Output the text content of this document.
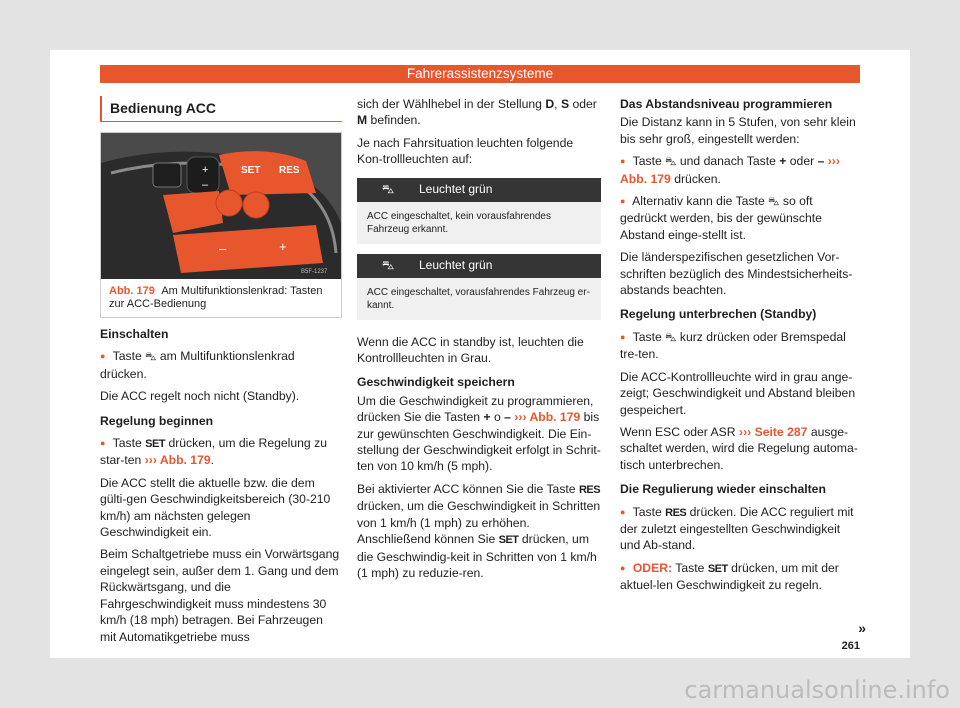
Fahrerassistenzsysteme
Bedienung ACC
+
–
SET RES
–	+
B5F-1237
Abb. 179 Am Multifunktionslenkrad: Tasten zur ACC-Bedienung
Einschalten

● Taste ⛍ am Multifunktionslenkrad drücken.

Die ACC regelt noch nicht (Standby).

Regelung beginnen

● Taste SET drücken, um die Regelung zu star-ten ››› Abb. 179.

Die ACC stellt die aktuelle bzw. die dem gülti-gen Geschwindigkeitsbereich (30-210 km/h) am nächsten gelegen Geschwindigkeit ein.

Beim Schaltgetriebe muss ein Vorwärtsgang eingelegt sein, außer dem 1. Gang und dem Rückwärtsgang, und die Fahrgeschwindigkeit muss mindestens 30 km/h (18 mph) betragen. Bei Fahrzeugen mit Automatikgetriebe muss

sich der Wählhebel in der Stellung D, S oder M befinden.

Je nach Fahrsituation leuchten folgende Kon-trollleuchten auf:

⛍	Leuchtet grün
ACC eingeschaltet, kein vorausfahrendes Fahrzeug erkannt.
⛍	Leuchtet grün
ACC eingeschaltet, vorausfahrendes Fahrzeug er-kannt.

Wenn die ACC in standby ist, leuchten die Kontrollleuchten in Grau.

Geschwindigkeit speichern

Um die Geschwindigkeit zu programmieren, drücken Sie die Tasten + o – ››› Abb. 179 bis zur gewünschten Geschwindigkeit. Die Ein-stellung der Geschwindigkeit erfolgt in Schrit-ten von 10 km/h (5 mph).

Bei aktivierter ACC können Sie die Taste RES drücken, um die Geschwindigkeit in Schritten von 1 km/h (1 mph) zu erhöhen. Anschließend können Sie SET drücken, um die Geschwindig-keit in Schritten von 1 km/h (1 mph) zu reduzie-ren.

Das Abstandsniveau programmieren

Die Distanz kann in 5 Stufen, von sehr klein bis sehr groß, eingestellt werden:

● Taste ⛍ und danach Taste + oder – ››› Abb. 179 drücken.

● Alternativ kann die Taste ⛍ so oft gedrückt werden, bis der gewünschte Abstand einge-stellt ist.

Die länderspezifischen gesetzlichen Vor-schriften bezüglich des Mindestsicherheits-abstands beachten.

Regelung unterbrechen (Standby)

● Taste ⛍ kurz drücken oder Bremspedal tre-ten.

Die ACC-Kontrollleuchte wird in grau ange-zeigt; Geschwindigkeit und Abstand bleiben gespeichert.

Wenn ESC oder ASR ››› Seite 287 ausge-schaltet werden, wird die Regelung automa-tisch unterbrechen.

Die Regulierung wieder einschalten

● Taste RES drücken. Die ACC reguliert mit der zuletzt eingestellten Geschwindigkeit und Ab-stand.

● ODER: Taste SET drücken, um mit der aktuel-len Geschwindigkeit zu regeln.

»
261
carmanualsonline.info
